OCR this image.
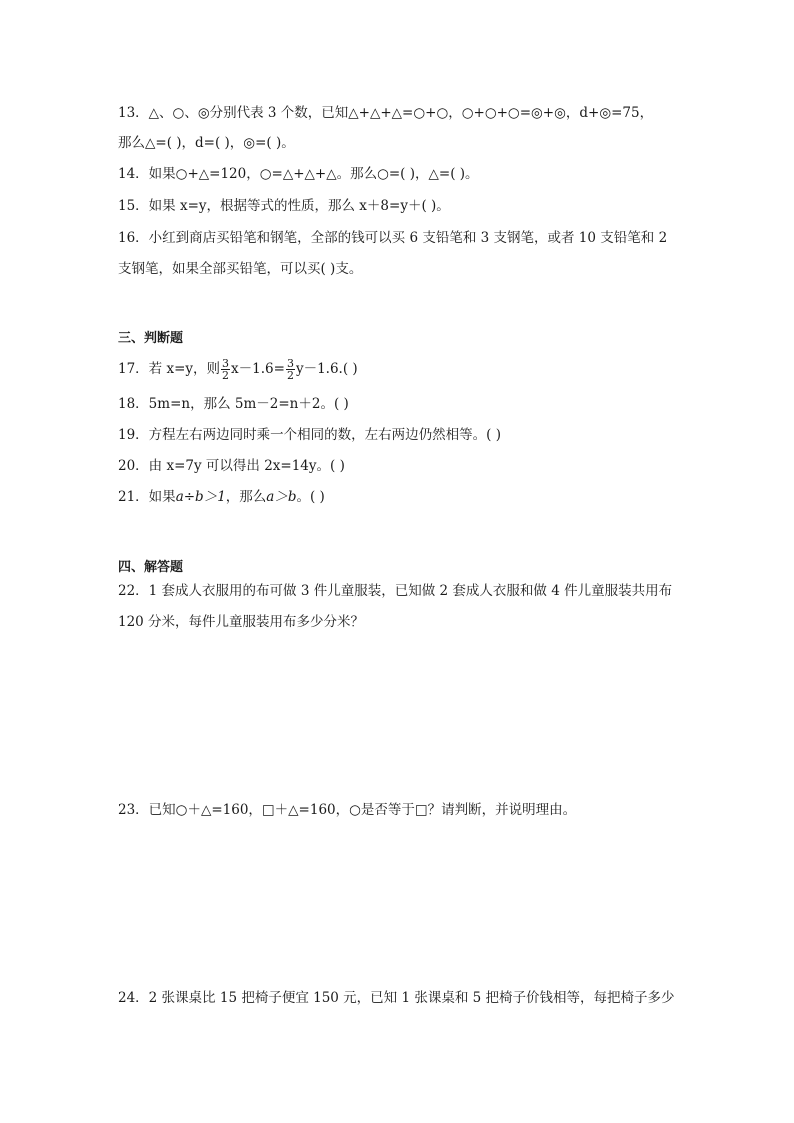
13．△、○、◎分别代表 3 个数，已知△+△+△=○+○，○+○+○=◎+◎，d+◎=75，
那么△=( )，d=( )，◎=( )。
14．如果○+△=120，○=△+△+△。那么○=( )，△=( )。
15．如果 x=y，根据等式的性质，那么 x＋8=y＋( )。
16．小红到商店买铅笔和钢笔，全部的钱可以买 6 支铅笔和 3 支钢笔，或者 10 支铅笔和 2
支钢笔，如果全部买铅笔，可以买( )支。
三、判断题
17．若 x=y，则 $\frac{3}{2} x-1.6= \frac{3}{2} y-1.6$.( )
18．5m=n，那么 5m－2=n＋2。( )
19．方程左右两边同时乘一个相同的数，左右两边仍然相等。( )
20．由 x=7y 可以得出 2x=14y。( )
21．如果a÷b＞1，那么a＞b。( )
四、解答题
22．1 套成人衣服用的布可做 3 件儿童服装，已知做 2 套成人衣服和做 4 件儿童服装共用布
120 分米，每件儿童服装用布多少分米？
23．已知○＋△=160，□＋△=160，○是否等于□？请判断，并说明理由。
24．2 张课桌比 15 把椅子便宜 150 元，已知 1 张课桌和 5 把椅子价钱相等，每把椅子多少
